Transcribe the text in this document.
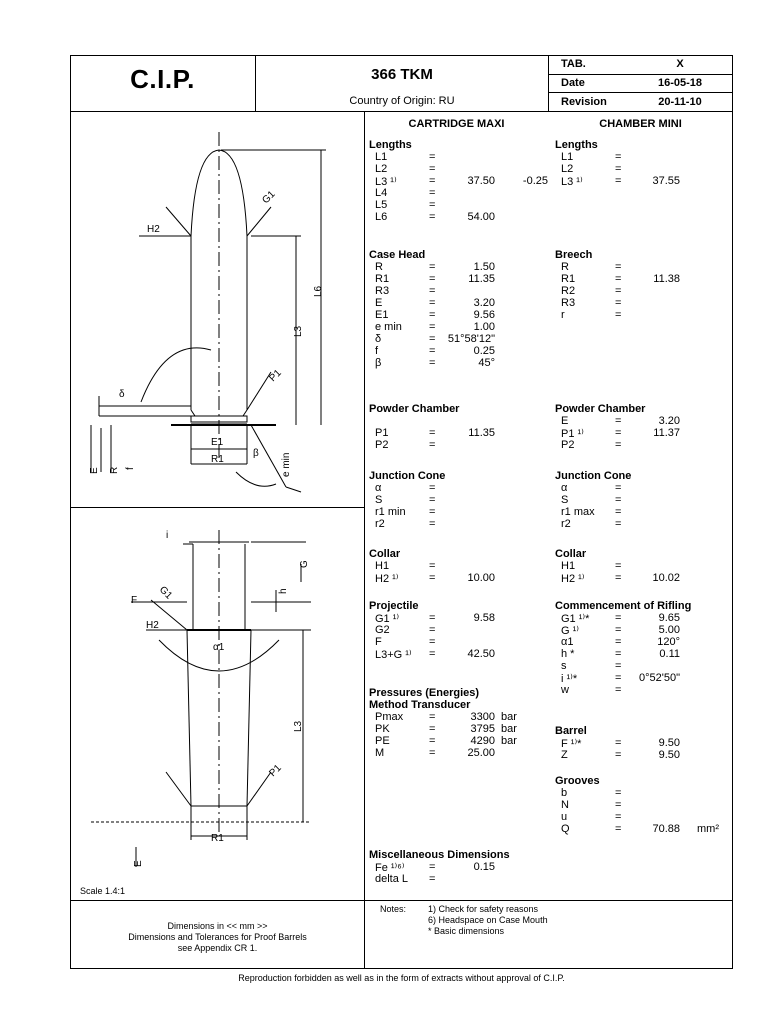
C.I.P.	366 TKM
Country of Origin: RU
TAB.	X
Date	16-05-18
Revision	20-11-10
CARTRIDGE MAXI	CHAMBER MINI
Lengths
L1	=
L2	=
L3 ¹⁾	=	37.50	-0.25
L4	=
L5	=
L6	=	54.00
Case Head
R	=	1.50
R1	=	11.35
R3	=
E	=	3.20
E1	=	9.56
e min =	1.00
δ	=	51°58'12"
f	=	0.25
β	=	45°
Powder Chamber
P1	=	11.35
P2	=
Junction Cone
α	=
S	=
r1 min =
r2	=
Collar
H1	=
H2 ¹⁾	=	10.00
Projectile
G1 ¹⁾	=	9.58
G2	=
F	=
L3+G ¹⁾ =	42.50
Pressures (Energies)
Method Transducer
Pmax =	3300 bar
PK	=	3795 bar
PE	=	4290 bar
M	=	25.00
Miscellaneous Dimensions
Fe ¹⁾⁶⁾ =	0.15
delta L =
Lengths
L1	=
L2	=
L3 ¹⁾	=	37.55
Breech
R	=
R1	=	11.38
R2	=
R3	=
r	=
Powder Chamber
E	=	3.20
P1 ¹⁾	=	11.37
P2	=
Junction Cone
α	=
S	=
r1 max =
r2	=
Collar
H1	=
H2 ¹⁾	=	10.02
Commencement of Rifling
G1 ¹⁾* =	9.65
G ¹⁾	=	5.00
α1	=	120°
h *	=	0.11
s	=
i ¹⁾*	=	0°52'50"
w	=
Barrel
F ¹⁾*	=	9.50
Z	=	9.50
Grooves
b	=
N	=
u	=
Q	=	70.88 mm²
H2
G1
L6
L3
P1
δ
E1
R1
β e min
E R f
i
G
h
G1
F
H2
α1
L3
P1
R1
E
Scale 1.4:1
Dimensions in << mm >>
Dimensions and Tolerances for Proof Barrels
see Appendix CR 1.
Notes: 1) Check for safety reasons
6) Headspace on Case Mouth
* Basic dimensions
Reproduction forbidden as well as in the form of extracts without approval of C.I.P.
